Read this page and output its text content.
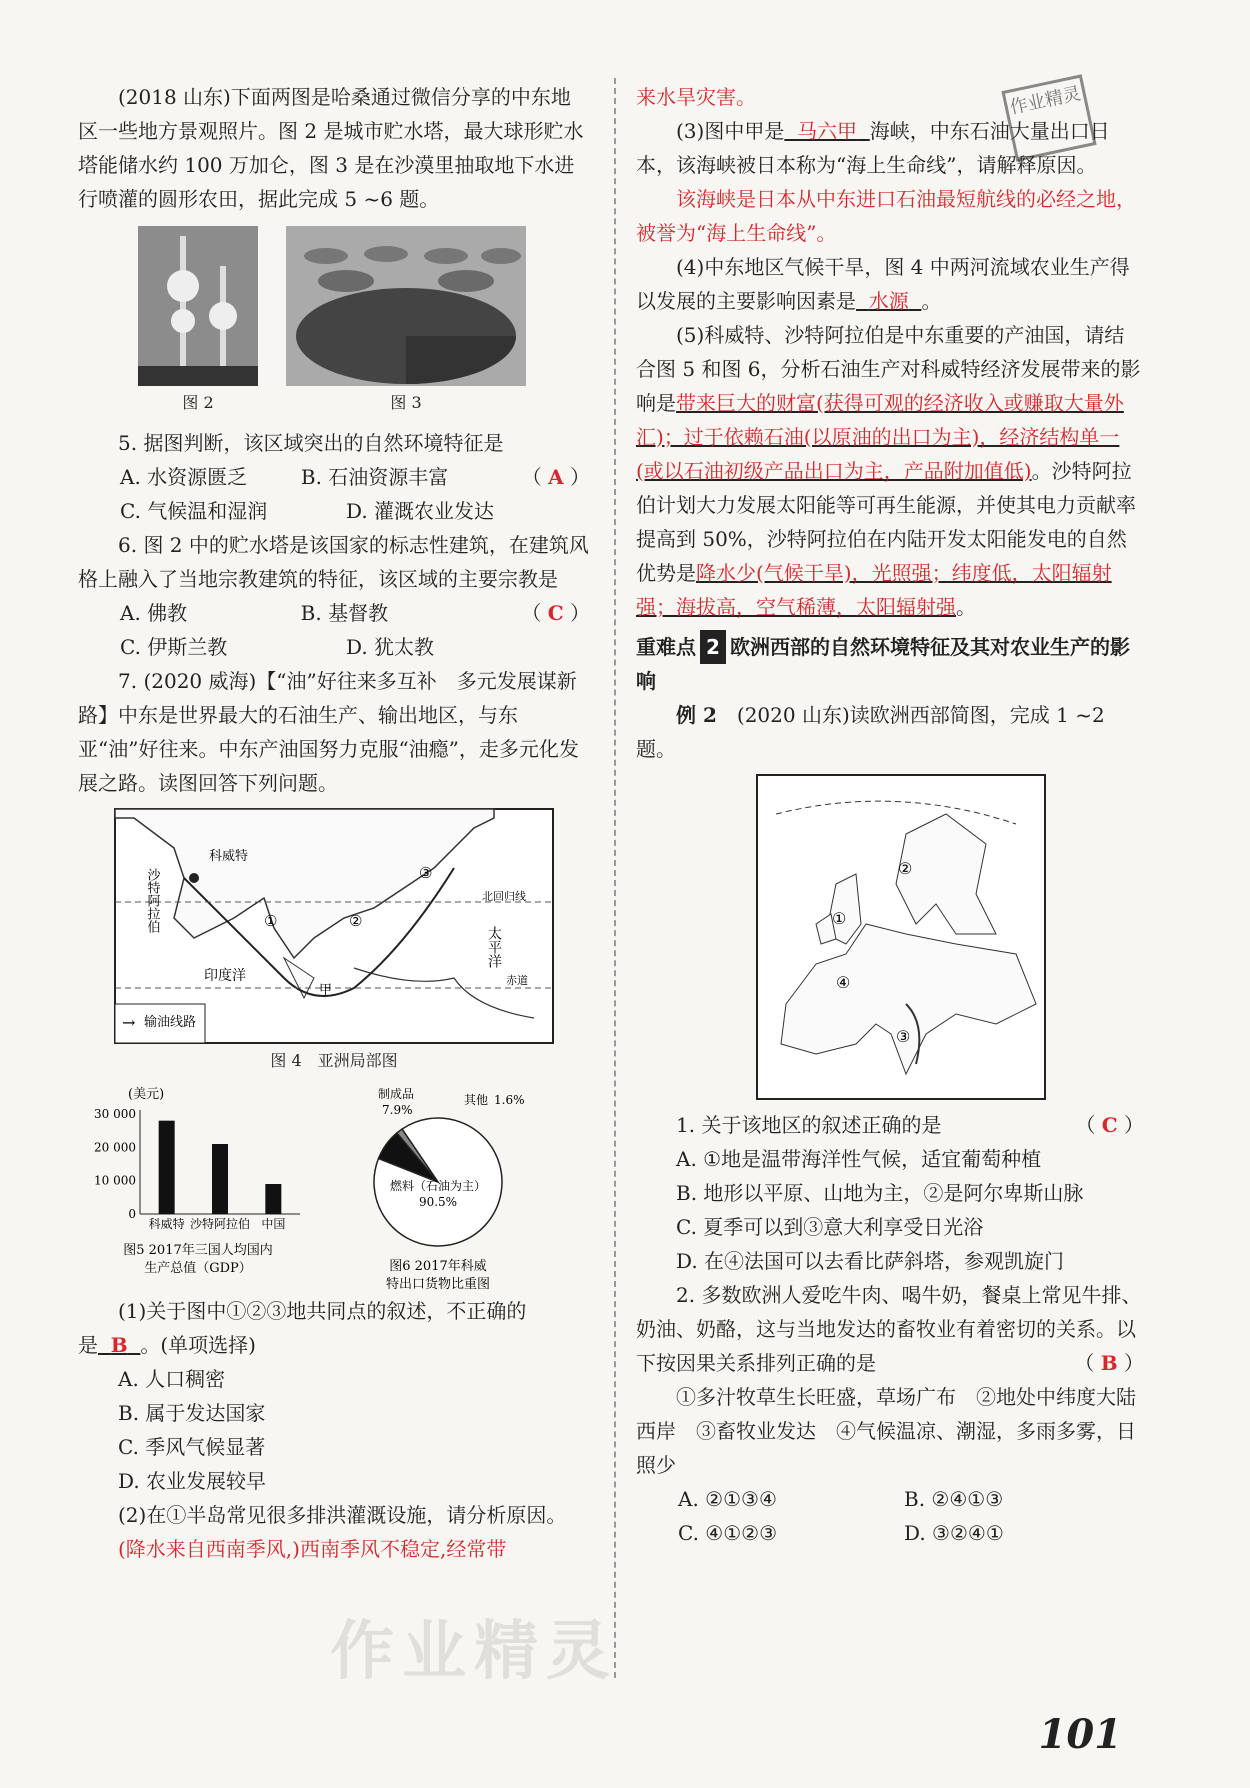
作业精灵
作业精灵

(2018 山东)下面两图是哈桑通过微信分享的中东地区一些地方景观照片。图 2 是城市贮水塔，最大球形贮水塔能储水约 100 万加仑，图 3 是在沙漠里抽取地下水进行喷灌的圆形农田，据此完成 5 ~6 题。

图 2	图 3

5. 据图判断，该区域突出的自然环境特征是
（ A ）

A. 水资源匮乏	B. 石油资源丰富
C. 气候温和湿润	D. 灌溉农业发达

6. 图 2 中的贮水塔是该国家的标志性建筑，在建筑风格上融入了当地宗教建筑的特征，该区域的主要宗教是
（ C ）

A. 佛教	B. 基督教
C. 伊斯兰教	D. 犹太教

7. (2020 威海)【“油”好往来多互补　多元发展谋新路】中东是世界最大的石油生产、输出地区，与东亚“油”好往来。中东产油国努力克服“油瘾”，走多元化发展之路。读图回答下列问题。

科威特
沙特阿拉伯	北回归线
赤道
印度洋
太平洋
甲
①	②
③
→ 输油线路
图 4　亚洲局部图
(美元)
30 000
20 000
10 000
0
科威特 沙特阿拉伯 中国
图5 2017年三国人均国内
生产总值（GDP）
燃料（石油为主）
90.5%
制成品
7.9%
其他 1.6%
图6 2017年科威
特出口货物比重图

(1)关于图中①②③地共同点的叙述，不正确的是 B 。(单项选择)

A. 人口稠密

B. 属于发达国家

C. 季风气候显著

D. 农业发展较早

(2)在①半岛常见很多排洪灌溉设施，请分析原因。

(降水来自西南季风,)西南季风不稳定,经常带

来水旱灾害。

(3)图中甲是 马六甲 海峡，中东石油大量出口日本，该海峡被日本称为“海上生命线”，请解释原因。

该海峡是日本从中东进口石油最短航线的必经之地，被誉为“海上生命线”。

(4)中东地区气候干旱，图 4 中两河流域农业生产得以发展的主要影响因素是 水源 。

(5)科威特、沙特阿拉伯是中东重要的产油国，请结合图 5 和图 6，分析石油生产对科威特经济发展带来的影响是带来巨大的财富(获得可观的经济收入或赚取大量外汇)；过于依赖石油(以原油的出口为主)，经济结构单一(或以石油初级产品出口为主，产品附加值低)。沙特阿拉伯计划大力发展太阳能等可再生能源，并使其电力贡献率提高到 50%，沙特阿拉伯在内陆开发太阳能发电的自然优势是降水少(气候干旱)，光照强；纬度低，太阳辐射强；海拔高，空气稀薄，太阳辐射强。

重难点 2 欧洲西部的自然环境特征及其对农业生产的影响

例 2　 (2020 山东)读欧洲西部简图，完成 1 ~2 题。

②
①
③
④

1. 关于该地区的叙述正确的是	（ C ）

A. ①地是温带海洋性气候，适宜葡萄种植

B. 地形以平原、山地为主，②是阿尔卑斯山脉

C. 夏季可以到③意大利享受日光浴

D. 在④法国可以去看比萨斜塔，参观凯旋门

2. 多数欧洲人爱吃牛肉、喝牛奶，餐桌上常见牛排、奶油、奶酪，这与当地发达的畜牧业有着密切的关系。以下按因果关系排列正确的是	（ B ）

①多汁牧草生长旺盛，草场广布　②地处中纬度大陆西岸　③畜牧业发达　④气候温凉、潮湿，多雨多雾，日照少

A. ②①③④	B. ②④①③
C. ④①②③	D. ③②④①
101
